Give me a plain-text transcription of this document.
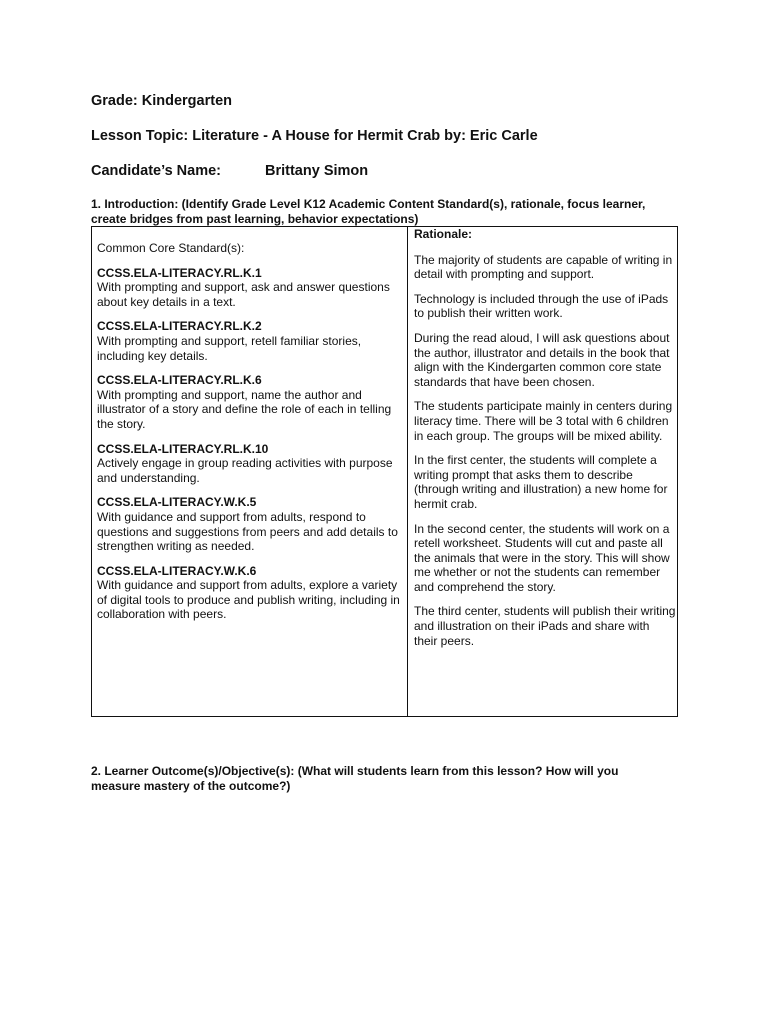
Grade: Kindergarten

Lesson Topic: Literature - A House for Hermit Crab by: Eric Carle

Candidate’s Name:	Brittany Simon

1. Introduction: (Identify Grade Level K12 Academic Content Standard(s), rationale, focus learner, create bridges from past learning, behavior expectations)

Common Core Standard(s):

CCSS.ELA-LITERACY.RL.K.1
With prompting and support, ask and answer questions about key details in a text.
CCSS.ELA-LITERACY.RL.K.2
With prompting and support, retell familiar stories, including key details.
CCSS.ELA-LITERACY.RL.K.6
With prompting and support, name the author and illustrator of a story and define the role of each in telling the story.
CCSS.ELA-LITERACY.RL.K.10
Actively engage in group reading activities with purpose and understanding.
CCSS.ELA-LITERACY.W.K.5
With guidance and support from adults, respond to questions and suggestions from peers and add details to strengthen writing as needed.
CCSS.ELA-LITERACY.W.K.6
With guidance and support from adults, explore a variety of digital tools to produce and publish writing, including in collaboration with peers.

Rationale:

The majority of students are capable of writing in detail with prompting and support.

Technology is included through the use of iPads to publish their written work.

During the read aloud, I will ask questions about the author, illustrator and details in the book that align with the Kindergarten common core state standards that have been chosen.

The students participate mainly in centers during literacy time. There will be 3 total with 6 children in each group. The groups will be mixed ability.

In the first center, the students will complete a writing prompt that asks them to describe (through writing and illustration) a new home for hermit crab.

In the second center, the students will work on a retell worksheet. Students will cut and paste all the animals that were in the story. This will show me whether or not the students can remember and comprehend the story.

The third center, students will publish their writing and illustration on their iPads and share with their peers.

2. Learner Outcome(s)/Objective(s): (What will students learn from this lesson? How will you measure mastery of the outcome?)
